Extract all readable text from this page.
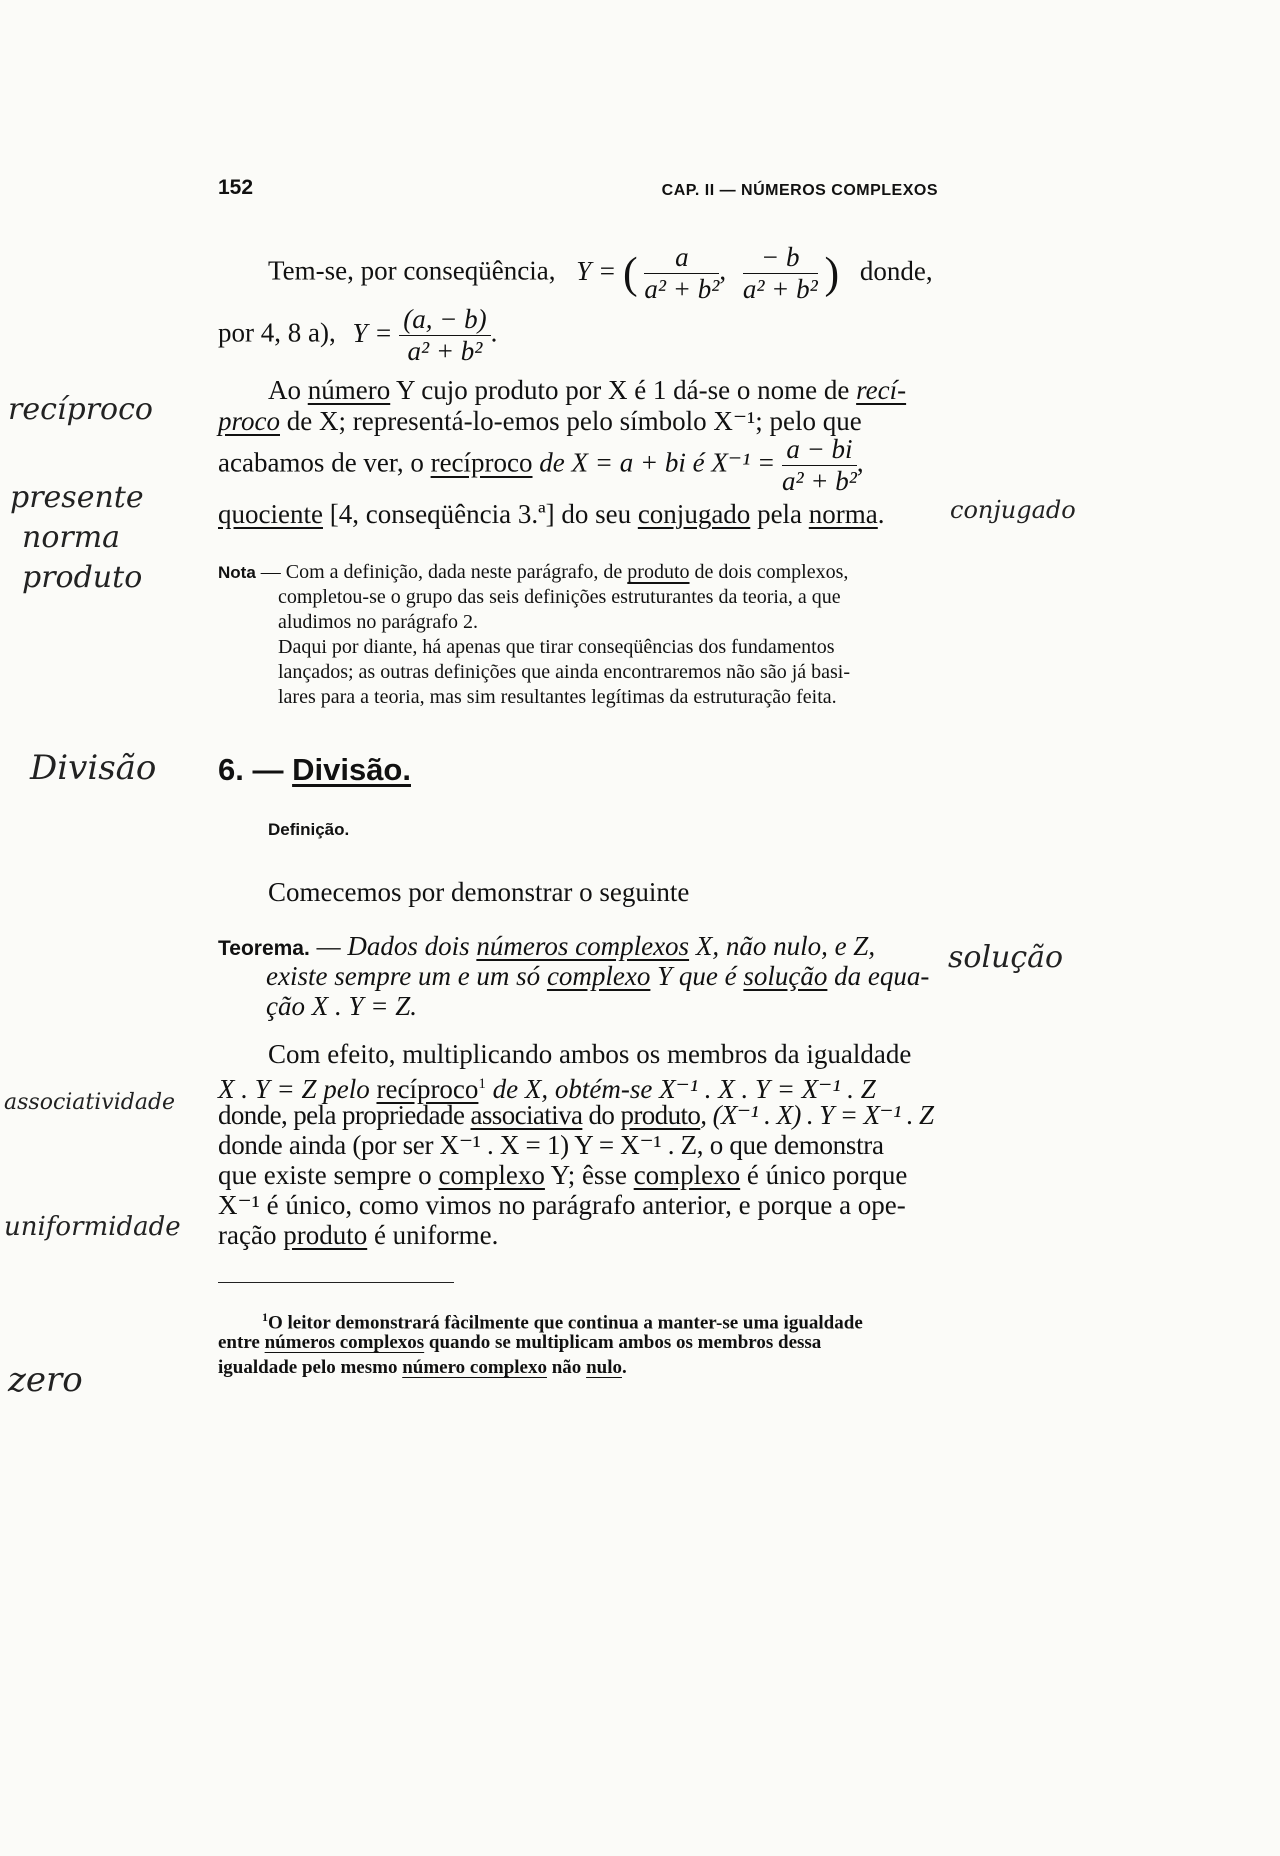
152	CAP. II — NÚMEROS COMPLEXOS
Tem-se, por conseqüência, Y = ( $\frac{a}{\text{a² + b²}}$ , $\frac{- b}{\text{a² + b²}}$ ) donde,
por 4, 8 a), $Y = \frac{(a, - b)}{\text{a² + b²}}$ .
Ao número Y cujo produto por X é 1 dá-se o nome de recí-
proco de X; representá-lo-emos pelo símbolo X⁻¹; pelo que
acabamos de ver, o recíproco de X = a + bi é $X^{-1} = \frac{a - bi}{\text{a² + b²}}$ ,
quociente [4, conseqüência 3.ª] do seu conjugado pela norma.
Nota — Com a definição, dada neste parágrafo, de produto de dois complexos,
completou-se o grupo das seis definições estruturantes da teoria, a que
aludimos no parágrafo 2.
Daqui por diante, há apenas que tirar conseqüências dos fundamentos
lançados; as outras definições que ainda encontraremos não são já basi-
lares para a teoria, mas sim resultantes legítimas da estruturação feita.
6. — Divisão.
Definição.
Comecemos por demonstrar o seguinte
Teorema. — Dados dois números complexos X, não nulo, e Z,
existe sempre um e um só complexo Y que é solução da equa-
ção X . Y = Z.
Com efeito, multiplicando ambos os membros da igualdade
X . Y = Z pelo recíproco$^1$ de X, obtém-se X⁻¹ . X . Y = X⁻¹ . Z
donde, pela propriedade associativa do produto, (X⁻¹ . X) . Y = X⁻¹ . Z
donde ainda (por ser X⁻¹ . X = 1) Y = X⁻¹ . Z, o que demonstra
que existe sempre o complexo Y; êsse complexo é único porque
X⁻¹ é único, como vimos no parágrafo anterior, e porque a ope-
ração produto é uniforme.
$^1$O leitor demonstrará fàcilmente que continua a manter-se uma igualdade
entre números complexos quando se multiplicam ambos os membros dessa
igualdade pelo mesmo número complexo não nulo.
recíproco
presente
norma
produto
conjugado
Divisão
solução
associatividade
uniformidade
zero
